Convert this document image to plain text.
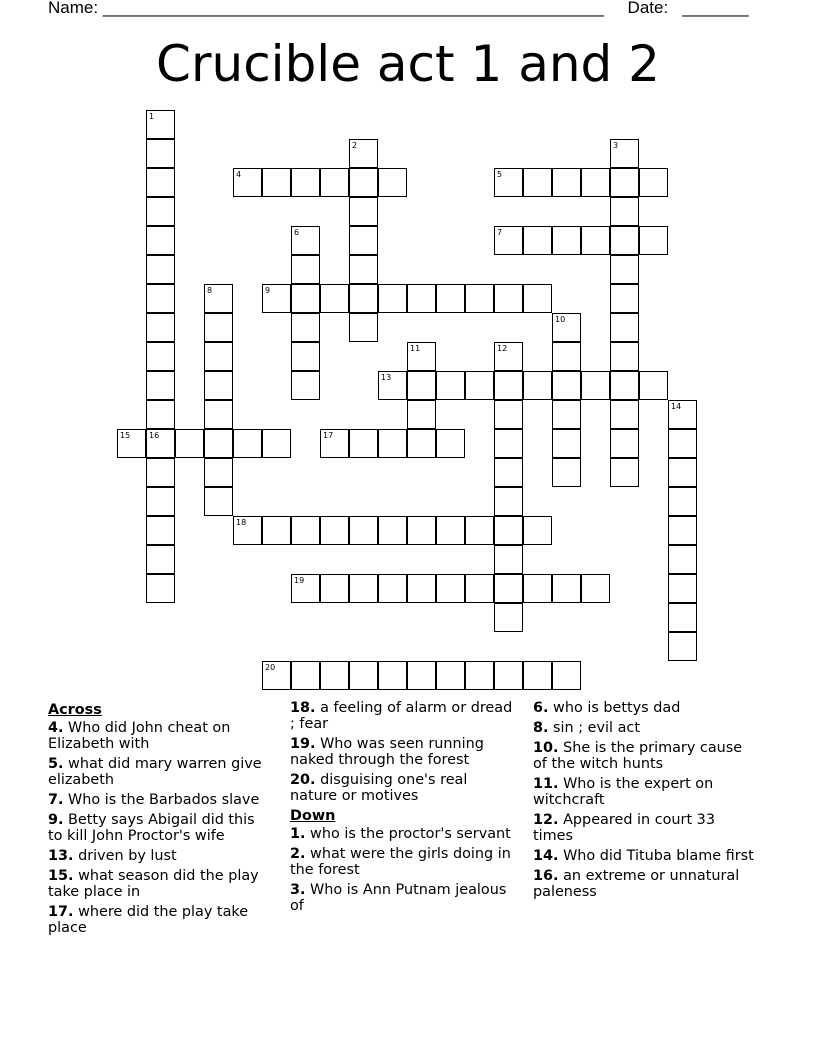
Name: _____________________________________________________ Date: _______
Crucible act 1 and 2
1
2	3
4	5
6	7
8	9
10
11	12
13
14
15 16	17
18
19
20
Across
4. Who did John cheat on Elizabeth with
5. what did mary warren give elizabeth
7. Who is the Barbados slave
9. Betty says Abigail did this to kill John Proctor's wife
13. driven by lust
15. what season did the play take place in
17. where did the play take place
18. a feeling of alarm or dread ; fear
19. Who was seen running naked through the forest
20. disguising one's real nature or motives
Down
1. who is the proctor's servant
2. what were the girls doing in the forest
3. Who is Ann Putnam jealous of
6. who is bettys dad
8. sin ; evil act
10. She is the primary cause of the witch hunts
11. Who is the expert on witchcraft
12. Appeared in court 33 times
14. Who did Tituba blame first
16. an extreme or unnatural paleness
